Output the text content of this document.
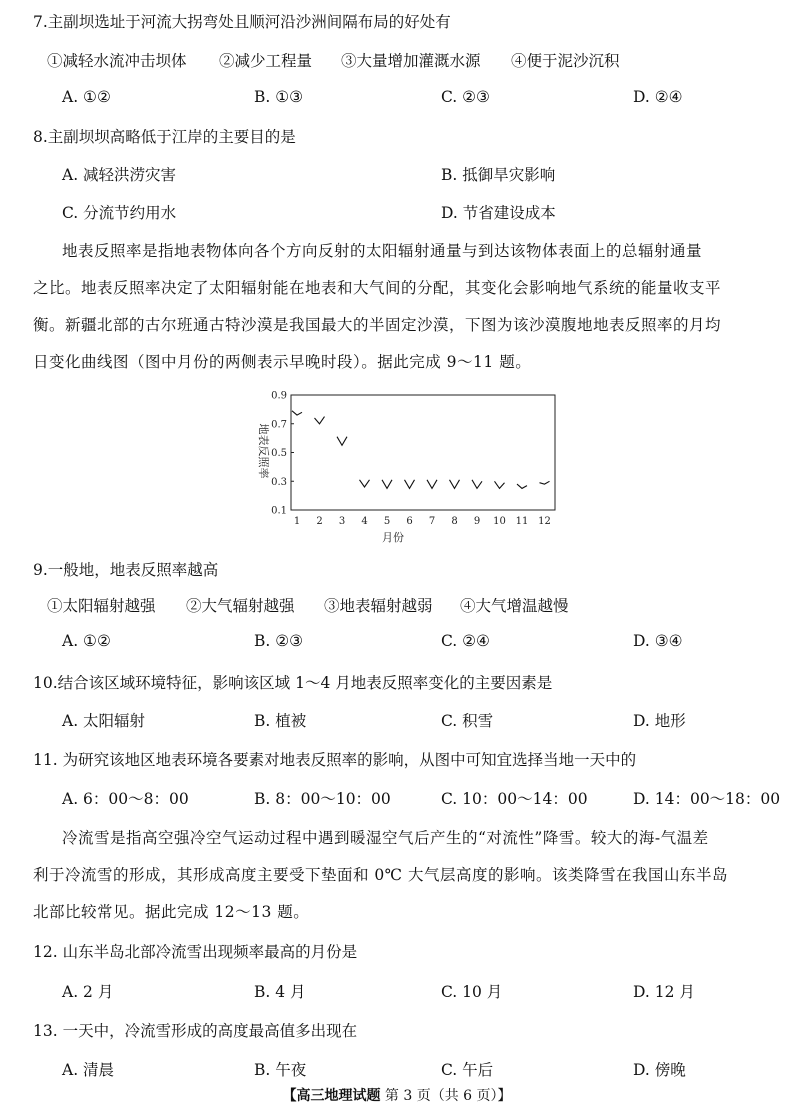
7.主副坝选址于河流大拐弯处且顺河沿沙洲间隔布局的好处有
①减轻水流冲击坝体 ②减少工程量 ③大量增加灌溉水源 ④便于泥沙沉积
A. ①②	B. ①③	C. ②③	D. ②④
8.主副坝坝高略低于江岸的主要目的是
A. 减轻洪涝灾害	B. 抵御旱灾影响
C. 分流节约用水	D. 节省建设成本
地表反照率是指地表物体向各个方向反射的太阳辐射通量与到达该物体表面上的总辐射通量
之比。地表反照率决定了太阳辐射能在地表和大气间的分配，其变化会影响地气系统的能量收支平
衡。新疆北部的古尔班通古特沙漠是我国最大的半固定沙漠，下图为该沙漠腹地地表反照率的月均
日变化曲线图（图中月份的两侧表示早晚时段）。据此完成 9～11 题。
0.9
0.7
0.5
0.3
0.1
1 2 3 4 5 6 7 8 9 10 11 12
地表反照率
月份
9.一般地，地表反照率越高
①太阳辐射越强 ②大气辐射越强 ③地表辐射越弱 ④大气增温越慢
A. ①②	B. ②③	C. ②④	D. ③④
10.结合该区域环境特征，影响该区域 1～4 月地表反照率变化的主要因素是
A. 太阳辐射	B. 植被	C. 积雪	D. 地形
11. 为研究该地区地表环境各要素对地表反照率的影响，从图中可知宜选择当地一天中的
A. 6：00～8：00	B. 8：00～10：00	C. 10：00～14：00	D. 14：00～18：00
冷流雪是指高空强冷空气运动过程中遇到暖湿空气后产生的“对流性”降雪。较大的海-气温差
利于冷流雪的形成，其形成高度主要受下垫面和 0℃ 大气层高度的影响。该类降雪在我国山东半岛
北部比较常见。据此完成 12～13 题。
12. 山东半岛北部冷流雪出现频率最高的月份是
A. 2 月	B. 4 月	C. 10 月	D. 12 月
13. 一天中，冷流雪形成的高度最高值多出现在
A. 清晨	B. 午夜	C. 午后	D. 傍晚
【高三地理试题 第 3 页（共 6 页）】
